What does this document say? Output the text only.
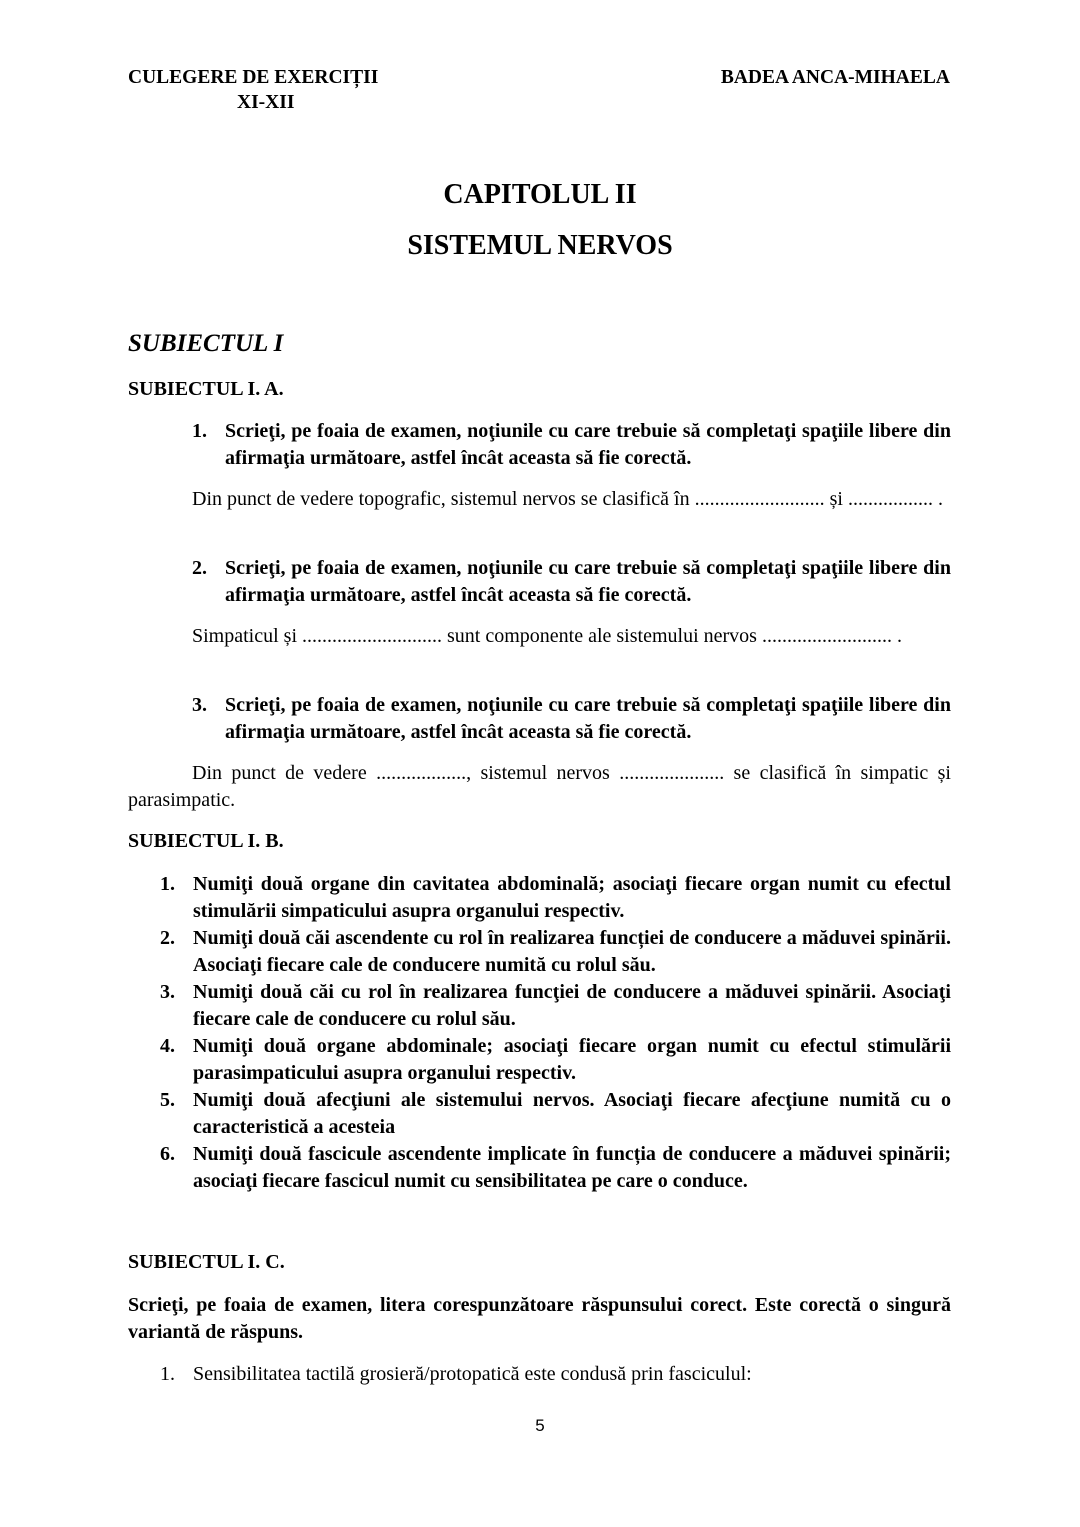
CULEGERE DE EXERCIȚII
XI-XII
BADEA ANCA-MIHAELA
CAPITOLUL II
SISTEMUL NERVOS
SUBIECTUL I
SUBIECTUL I. A.
1. Scrieţi, pe foaia de examen, noţiunile cu care trebuie să completaţi spaţiile libere din afirmaţia următoare, astfel încât aceasta să fie corectă.
Din punct de vedere topografic, sistemul nervos se clasifică în .......................... și ................. .
2. Scrieţi, pe foaia de examen, noţiunile cu care trebuie să completaţi spaţiile libere din afirmaţia următoare, astfel încât aceasta să fie corectă.
Simpaticul și ............................ sunt componente ale sistemului nervos .......................... .
3. Scrieţi, pe foaia de examen, noţiunile cu care trebuie să completaţi spaţiile libere din afirmaţia următoare, astfel încât aceasta să fie corectă.
Din punct de vedere .................., sistemul nervos ..................... se clasifică în simpatic și parasimpatic.
SUBIECTUL I. B.
1. Numiţi două organe din cavitatea abdominală; asociaţi fiecare organ numit cu efectul stimulării simpaticului asupra organului respectiv.
2. Numiţi două căi ascendente cu rol în realizarea funcției de conducere a măduvei spinării. Asociaţi fiecare cale de conducere numită cu rolul său.
3. Numiţi două căi cu rol în realizarea funcţiei de conducere a măduvei spinării. Asociaţi fiecare cale de conducere cu rolul său.
4. Numiţi două organe abdominale; asociaţi fiecare organ numit cu efectul stimulării parasimpaticului asupra organului respectiv.
5. Numiţi două afecţiuni ale sistemului nervos. Asociaţi fiecare afecţiune numită cu o caracteristică a acesteia
6. Numiţi două fascicule ascendente implicate în funcția de conducere a măduvei spinării; asociaţi fiecare fascicul numit cu sensibilitatea pe care o conduce.
SUBIECTUL I. C.
Scrieţi, pe foaia de examen, litera corespunzătoare răspunsului corect. Este corectă o singură variantă de răspuns.
1. Sensibilitatea tactilă grosieră/protopatică este condusă prin fasciculul:
5
